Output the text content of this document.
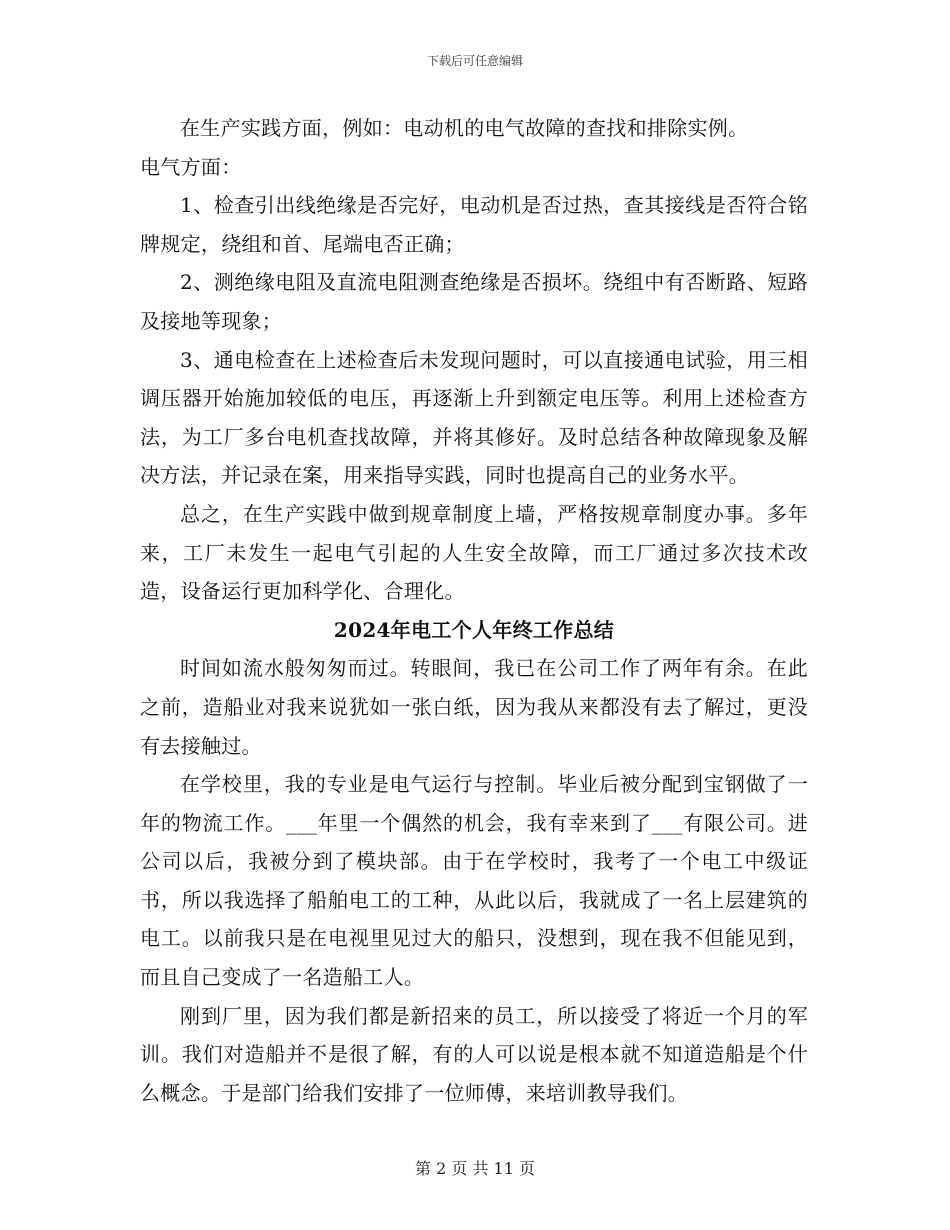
下载后可任意编辑

在生产实践方面，例如：电动机的电气故障的查找和排除实例。

电气方面：

1、检查引出线绝缘是否完好，电动机是否过热，查其接线是否符合铭牌规定，绕组和首、尾端电否正确；

2、测绝缘电阻及直流电阻测查绝缘是否损坏。绕组中有否断路、短路及接地等现象；

3、通电检查在上述检查后未发现问题时，可以直接通电试验，用三相调压器开始施加较低的电压，再逐渐上升到额定电压等。利用上述检查方法，为工厂多台电机查找故障，并将其修好。及时总结各种故障现象及解决方法，并记录在案，用来指导实践，同时也提高自己的业务水平。

总之，在生产实践中做到规章制度上墙，严格按规章制度办事。多年来，工厂未发生一起电气引起的人生安全故障，而工厂通过多次技术改造，设备运行更加科学化、合理化。

2024年电工个人年终工作总结

时间如流水般匆匆而过。转眼间，我已在公司工作了两年有余。在此之前，造船业对我来说犹如一张白纸，因为我从来都没有去了解过，更没有去接触过。

在学校里，我的专业是电气运行与控制。毕业后被分配到宝钢做了一年的物流工作。___年里一个偶然的机会，我有幸来到了___有限公司。进公司以后，我被分到了模块部。由于在学校时，我考了一个电工中级证书，所以我选择了船舶电工的工种，从此以后，我就成了一名上层建筑的电工。以前我只是在电视里见过大的船只，没想到，现在我不但能见到，而且自己变成了一名造船工人。

刚到厂里，因为我们都是新招来的员工，所以接受了将近一个月的军训。我们对造船并不是很了解，有的人可以说是根本就不知道造船是个什么概念。于是部门给我们安排了一位师傅，来培训教导我们。

第 2 页 共 11 页
